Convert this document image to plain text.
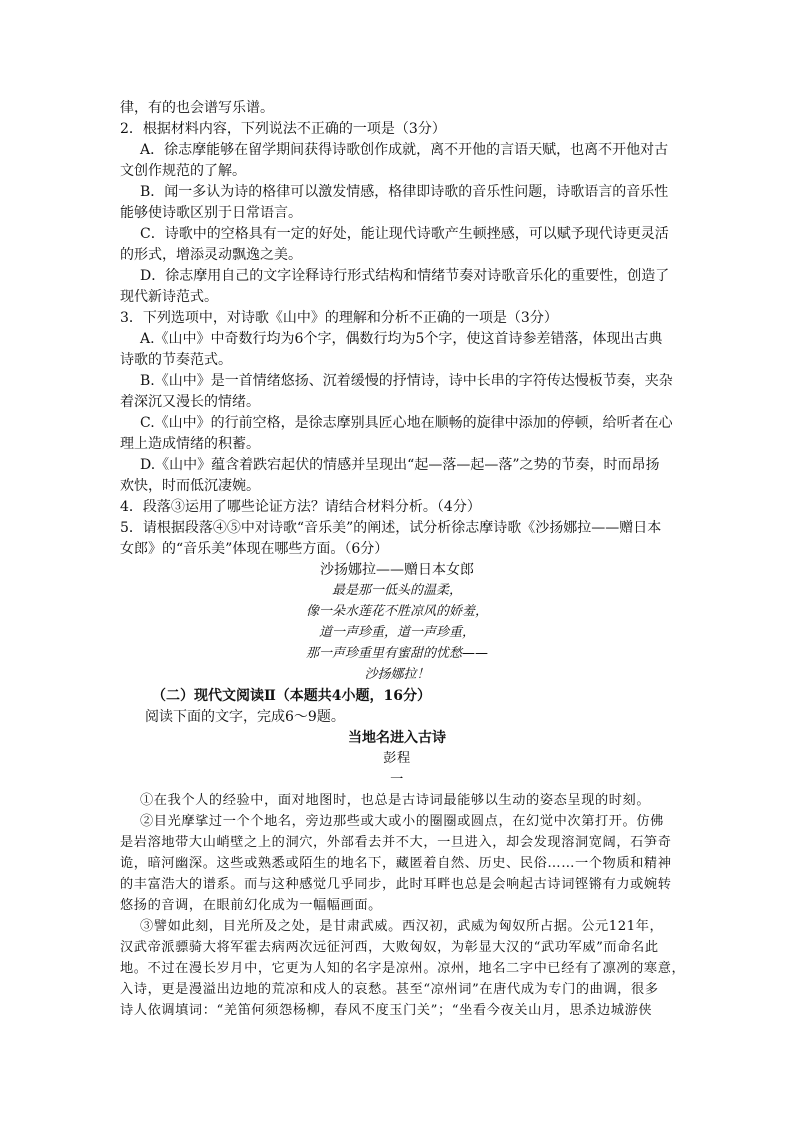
律，有的也会谱写乐谱。
2．根据材料内容，下列说法不正确的一项是（3分）
A．徐志摩能够在留学期间获得诗歌创作成就，离不开他的言语天赋，也离不开他对古
文创作规范的了解。
B．闻一多认为诗的格律可以激发情感，格律即诗歌的音乐性问题，诗歌语言的音乐性
能够使诗歌区别于日常语言。
C．诗歌中的空格具有一定的好处，能让现代诗歌产生顿挫感，可以赋予现代诗更灵活
的形式，增添灵动飘逸之美。
D．徐志摩用自己的文字诠释诗行形式结构和情绪节奏对诗歌音乐化的重要性，创造了
现代新诗范式。
3．下列选项中，对诗歌《山中》的理解和分析不正确的一项是（3分）
A.《山中》中奇数行均为6个字，偶数行均为5个字，使这首诗参差错落，体现出古典
诗歌的节奏范式。
B.《山中》是一首情绪悠扬、沉着缓慢的抒情诗，诗中长串的字符传达慢板节奏，夹杂
着深沉又漫长的情绪。
C.《山中》的行前空格，是徐志摩别具匠心地在顺畅的旋律中添加的停顿，给听者在心
理上造成情绪的积蓄。
D.《山中》蕴含着跌宕起伏的情感并呈现出“起—落—起—落”之势的节奏，时而昂扬
欢快，时而低沉凄婉。
4．段落③运用了哪些论证方法？请结合材料分析。（4分）
5．请根据段落④⑤中对诗歌“音乐美”的阐述，试分析徐志摩诗歌《沙扬娜拉——赠日本
女郎》的“音乐美”体现在哪些方面。（6分）
沙扬娜拉——赠日本女郎
最是那一低头的温柔，
像一朵水莲花不胜凉风的娇羞，
道一声珍重，道一声珍重，
那一声珍重里有蜜甜的忧愁——
沙扬娜拉！
（二）现代文阅读Ⅱ（本题共4小题，16分）
阅读下面的文字，完成6～9题。
当地名进入古诗
彭程
一
①在我个人的经验中，面对地图时，也总是古诗词最能够以生动的姿态呈现的时刻。
②目光摩挲过一个个地名，旁边那些或大或小的圈圈或圆点，在幻觉中次第打开。仿佛
是岩溶地带大山峭壁之上的洞穴，外部看去并不大，一旦进入，却会发现溶洞宽阔，石笋奇
诡，暗河幽深。这些或熟悉或陌生的地名下，藏匿着自然、历史、民俗……一个物质和精神
的丰富浩大的谱系。而与这种感觉几乎同步，此时耳畔也总是会响起古诗词铿锵有力或婉转
悠扬的音调，在眼前幻化成为一幅幅画面。
③譬如此刻，目光所及之处，是甘肃武威。西汉初，武威为匈奴所占据。公元121年，
汉武帝派骠骑大将军霍去病两次远征河西，大败匈奴，为彰显大汉的“武功军威”而命名此
地。不过在漫长岁月中，它更为人知的名字是凉州。凉州，地名二字中已经有了凛冽的寒意，
入诗，更是漫溢出边地的荒凉和戍人的哀愁。甚至“凉州词”在唐代成为专门的曲调，很多
诗人依调填词：“羌笛何须怨杨柳，春风不度玉门关”；“坐看今夜关山月，思杀边城游侠
